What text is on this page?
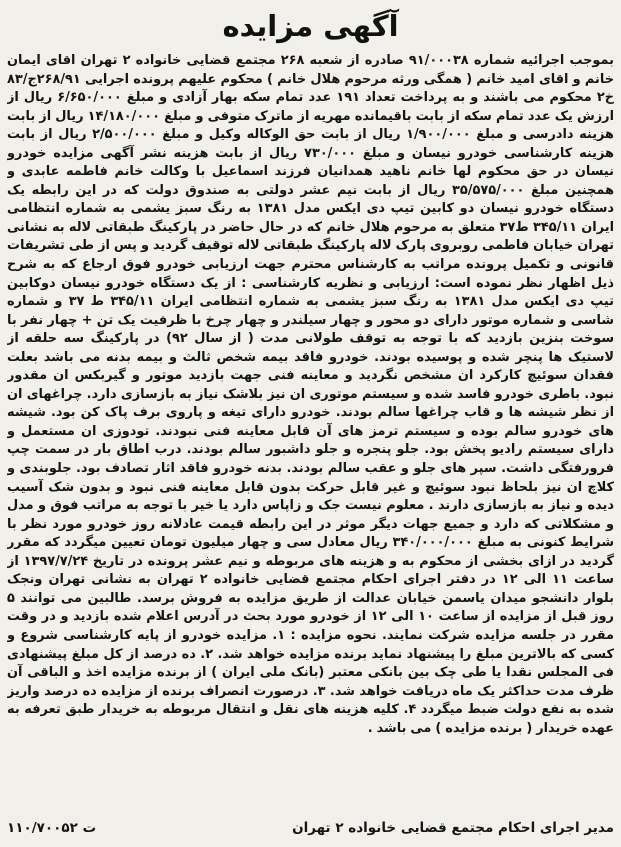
آگهی مزایده

بموجب اجرائیه شماره ۹۱/۰۰۰۳۸ صادره از شعبه ۲۶۸ مجتمع قضایی خانواده ۲ تهران اقای ایمان خانم و اقای امید خانم ( همگی ورثه مرحوم هلال خانم ) محکوم علیهم پرونده اجرایی ۲۶۸/۹۱ج/۸۳ خ۲ محکوم می باشند و به پرداخت تعداد ۱۹۱ عدد تمام سکه بهار آزادی و مبلغ ۶/۶۵۰/۰۰۰ ریال از ارزش یک عدد تمام سکه از بابت باقیمانده مهریه از ماترک متوفی و مبلغ ۱۴/۱۸۰/۰۰۰ ریال از بابت هزینه دادرسی و مبلغ ۱/۹۰۰/۰۰۰ ریال از بابت حق الوکاله وکیل و مبلغ ۲/۵۰۰/۰۰۰ ریال از بابت هزینه کارشناسی خودرو نیسان و مبلغ ۷۳۰/۰۰۰ ریال از بابت هزینه نشر آگهی مزایده خودرو نیسان در حق محکوم لها خانم ناهید همدانیان فرزند اسماعیل با وکالت خانم فاطمه عابدی و همچنین مبلغ ۳۵/۵۷۵/۰۰۰ ریال از بابت نیم عشر دولتی به صندوق دولت که در این رابطه یک دستگاه خودرو نیسان دو کابین تیپ دی ایکس مدل ۱۳۸۱ به رنگ سبز یشمی به شماره انتظامی ایران ۳۴۵/۱۱ ط۳۷ متعلق به مرحوم هلال خانم که در حال حاضر در پارکینگ طبقاتی لاله به نشانی تهران خیابان فاطمی روبروی پارک لاله پارکینگ طبقاتی لاله توقیف گردید و پس از طی تشریفات قانونی و تکمیل پرونده مراتب به کارشناس محترم جهت ارزیابی خودرو فوق ارجاع که به شرح ذیل اظهار نظر نموده است: ارزیابی و نظریه کارشناسی : از یک دستگاه خودرو نیسان دوکابین تیپ دی ایکس مدل ۱۳۸۱ به رنگ سبز یشمی به شماره انتظامی ایران ۳۴۵/۱۱ ط ۳۷ و شماره شاسی و شماره موتور دارای دو محور و چهار سیلندر و چهار چرخ با ظرفیت یک تن + چهار نفر با سوخت بنزین بازدید که با توجه به توقف طولانی مدت ( از سال ۹۲) در پارکینگ سه حلقه از لاستیک ها پنچر شده و پوسیده بودند. خودرو فاقد بیمه شخص ثالث و بیمه بدنه می باشد بعلت فقدان سوئیچ کارکرد ان مشخص نگردید و معاینه فنی جهت بازدید موتور و گیربکس ان مقدور نبود. باطری خودرو فاسد شده و سیستم موتوری ان نیز بلاشک نیاز به بازسازی دارد. چراغهای ان از نظر شیشه ها و قاب چراغها سالم بودند. خودرو دارای تیغه و پاروی برف پاک کن بود. شیشه های خودرو سالم بوده و سیستم ترمز های آن قابل معاینه فنی نبودند. تودوزی ان مستعمل و دارای سیستم رادیو پخش بود. جلو پنجره و جلو داشبور سالم بودند. درب اطاق بار در سمت چپ فرورفتگی داشت. سپر های جلو و عقب سالم بودند. بدنه خودرو فاقد اثار تصادف بود. جلوبندی و کلاچ ان نیز بلحاظ نبود سوئیچ و غیر قابل حرکت بدون قابل معاینه فنی نبود و بدون شک آسیب دیده و نیاز به بازسازی دارند . معلوم نیست جک و زاپاس دارد یا خیر با توجه به مراتب فوق و مدل و مشکلاتی که دارد و جمیع جهات دیگر موثر در این رابطه قیمت عادلانه روز خودرو مورد نظر با شرایط کنونی به مبلغ ۳۴۰/۰۰۰/۰۰۰ ریال معادل سی و چهار میلیون تومان تعیین میگردد که مقرر گردید در ازای بخشی از محکوم به و هزینه های مربوطه و نیم عشر پرونده در تاریخ ۱۳۹۷/۷/۲۴ از ساعت ۱۱ الی ۱۲ در دفتر اجرای احکام مجتمع قضایی خانواده ۲ تهران به نشانی تهران ونجک بلوار دانشجو میدان یاسمن خیابان عدالت از طریق مزایده به فروش برسد. طالبین می توانند ۵ روز قبل از مزایده از ساعت ۱۰ الی ۱۲ از خودرو مورد بحث در آدرس اعلام شده بازدید و در وقت مقرر در جلسه مزایده شرکت نمایند. نحوه مزایده : ۱. مزایده خودرو از پایه کارشناسی شروع و کسی که بالاترین مبلغ را پیشنهاد نماید برنده مزایده خواهد شد. ۲. ده درصد از کل مبلغ پیشنهادی فی المجلس نقدا یا طی چک بین بانکی معتبر (بانک ملی ایران ) از برنده مزایده اخذ و الباقی آن ظرف مدت حداکثر یک ماه دریافت خواهد شد. ۳. درصورت انصراف برنده از مزایده ده درصد واریز شده به نفع دولت ضبط میگردد ۴. کلیه هزینه های نقل و انتقال مربوطه به خریدار طبق تعرفه به عهده خریدار ( برنده مزایده ) می باشد .

مدیر اجرای احکام مجتمع قضایی خانواده ۲ تهران
۱۱۰/۷۰۰۵۲ ت
